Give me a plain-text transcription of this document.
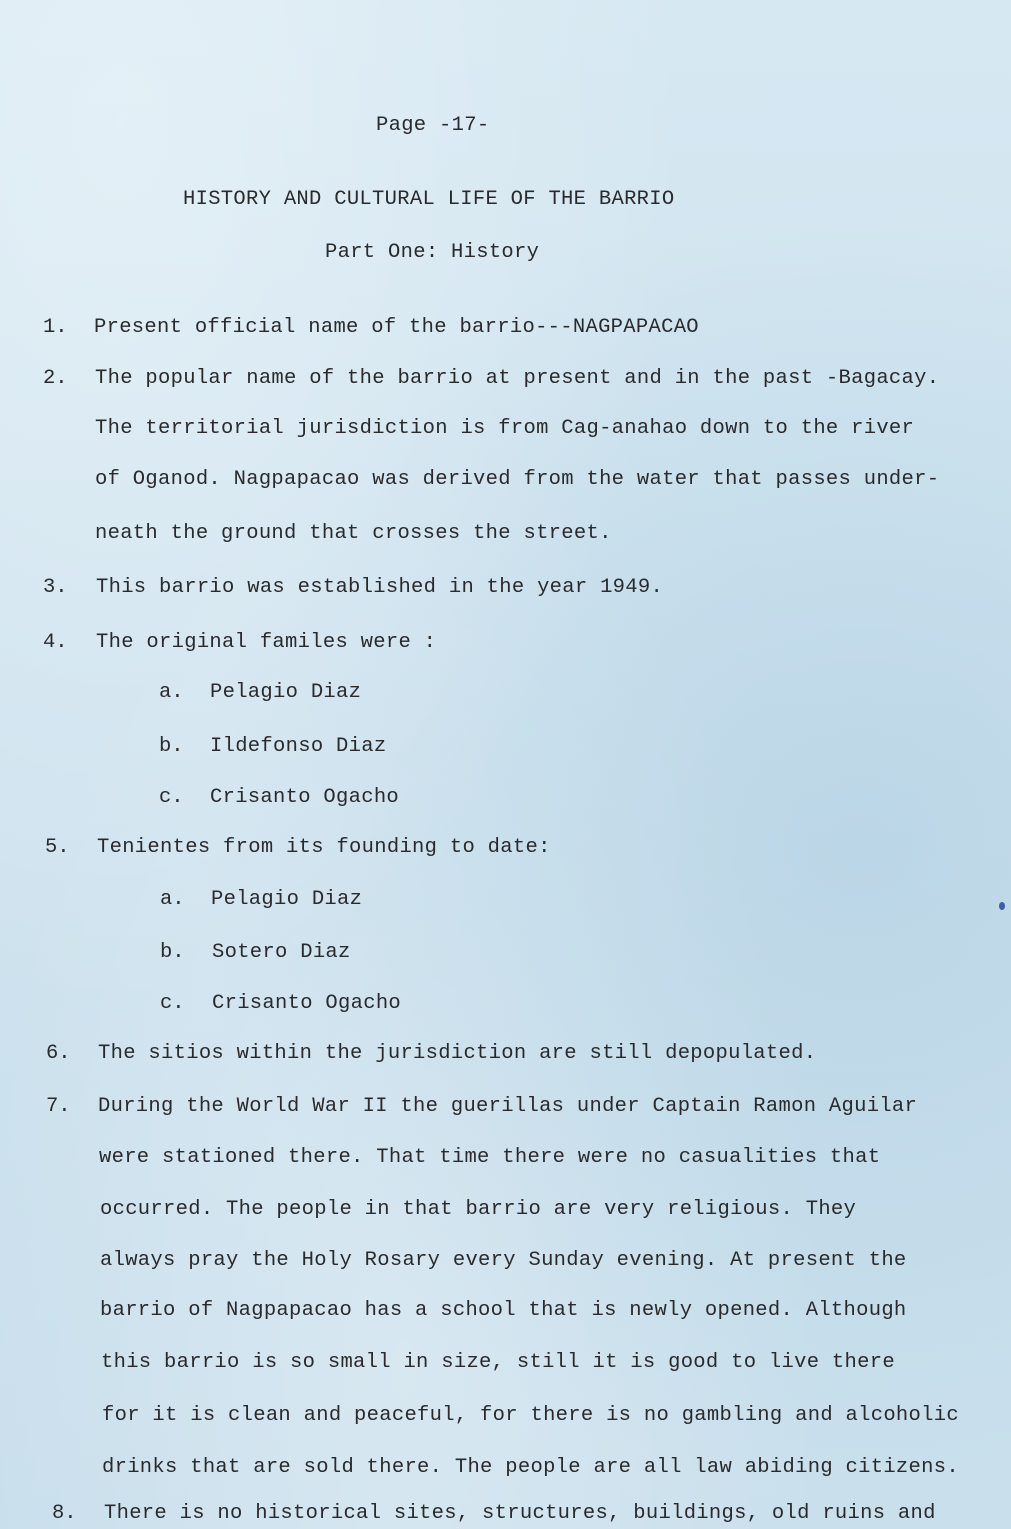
Page -17-
HISTORY AND CULTURAL LIFE OF THE BARRIO
Part One: History
1. Present official name of the barrio---NAGPAPACAO
2. The popular name of the barrio at present and in the past -Bagacay.
The territorial jurisdiction is from Cag-anahao down to the river
of Oganod. Nagpapacao was derived from the water that passes under-
neath the ground that crosses the street.
3. This barrio was established in the year 1949.
4. The original familes were :
a. Pelagio Diaz
b. Ildefonso Diaz
c. Crisanto Ogacho
5. Tenientes from its founding to date:
a. Pelagio Diaz
b. Sotero Diaz
c. Crisanto Ogacho
6. The sitios within the jurisdiction are still depopulated.
7. During the World War II the guerillas under Captain Ramon Aguilar
were stationed there. That time there were no casualities that
occurred. The people in that barrio are very religious. They
always pray the Holy Rosary every Sunday evening. At present the
barrio of Nagpapacao has a school that is newly opened. Although
this barrio is so small in size, still it is good to live there
for it is clean and peaceful, for there is no gambling and alcoholic
drinks that are sold there. The people are all law abiding citizens.
8. There is no historical sites, structures, buildings, old ruins and
